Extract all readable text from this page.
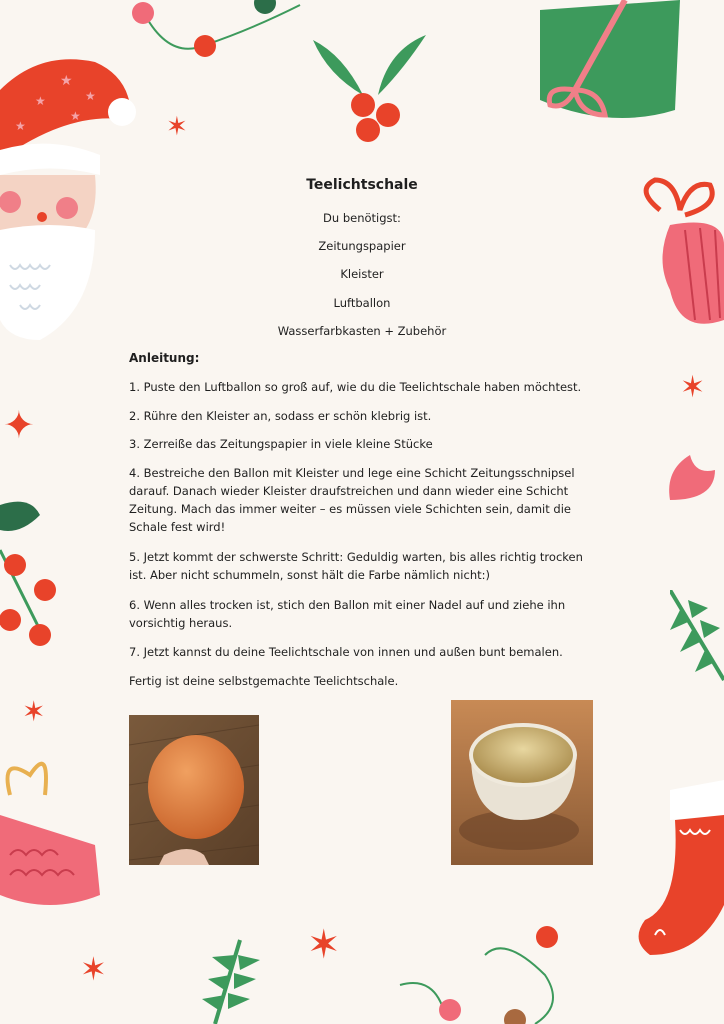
★
★	★
★
★
✦
✶
✶
✶
✶
✶
Teelichtschale
Du benötigst:
Zeitungspapier
Kleister
Luftballon
Wasserfarbkasten + Zubehör
Anleitung:
1. Puste den Luftballon so groß auf, wie du die Teelichtschale haben möchtest.
2. Rühre den Kleister an, sodass er schön klebrig ist.
3. Zerreiße das Zeitungspapier in viele kleine Stücke
4. Bestreiche den Ballon mit Kleister und lege eine Schicht Zeitungsschnipsel darauf. Danach wieder Kleister draufstreichen und dann wieder eine Schicht Zeitung. Mach das immer weiter – es müssen viele Schichten sein, damit die Schale fest wird!
5. Jetzt kommt der schwerste Schritt: Geduldig warten, bis alles richtig trocken ist. Aber nicht schummeln, sonst hält die Farbe nämlich nicht:)
6. Wenn alles trocken ist, stich den Ballon mit einer Nadel auf und ziehe ihn vorsichtig heraus.
7. Jetzt kannst du deine Teelichtschale von innen und außen bunt bemalen.
Fertig ist deine selbstgemachte Teelichtschale.
